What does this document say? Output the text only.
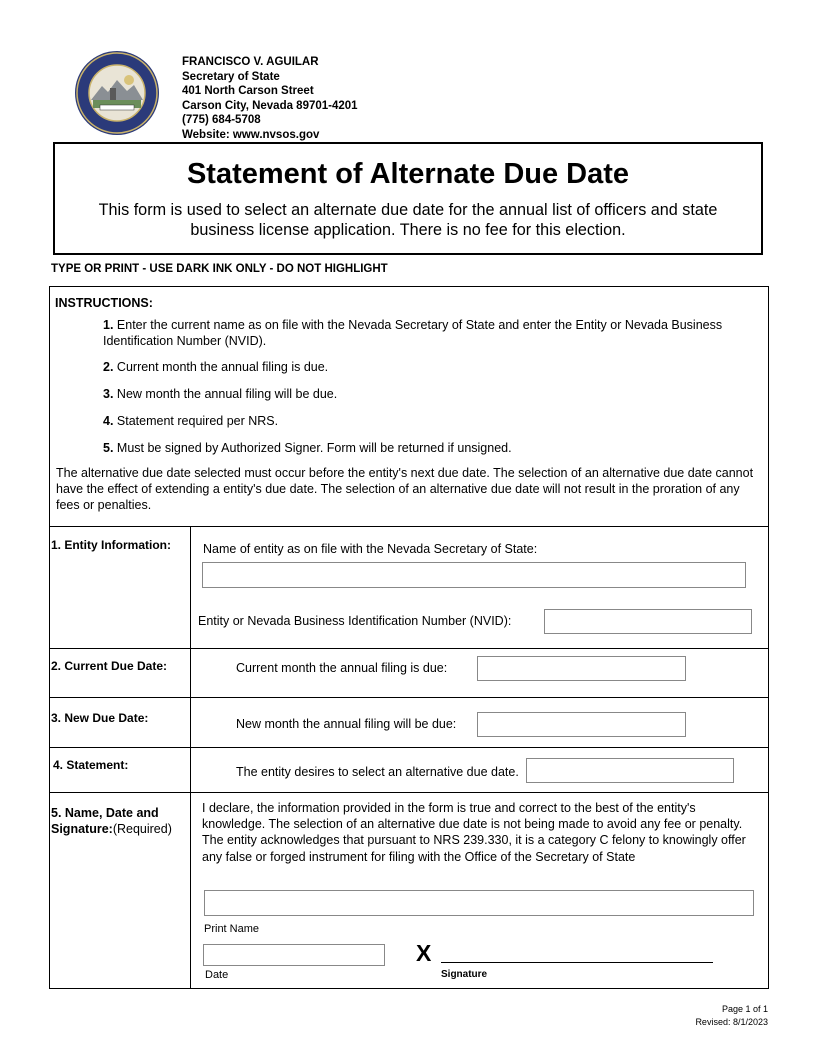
FRANCISCO V. AGUILAR
Secretary of State
401 North Carson Street
Carson City, Nevada 89701-4201
(775) 684-5708
Website: www.nvsos.gov
Statement of Alternate Due Date

This form is used to select an alternate due date for the annual list of officers and state business license application. There is no fee for this election.

TYPE OR PRINT - USE DARK INK ONLY - DO NOT HIGHLIGHT
INSTRUCTIONS:
1. Enter the current name as on file with the Nevada Secretary of State and enter the Entity or Nevada Business Identification Number (NVID).
2. Current month the annual filing is due.
3. New month the annual filing will be due.
4. Statement required per NRS.
5. Must be signed by Authorized Signer. Form will be returned if unsigned.
The alternative due date selected must occur before the entity's next due date. The selection of an alternative due date cannot have the effect of extending a entity's due date. The selection of an alternative due date will not result in the proration of any fees or penalties.
1. Entity Information:	Name of entity as on file with the Nevada Secretary of State:
Entity or Nevada Business Identification Number (NVID):
2. Current Due Date:	Current month the annual filing is due:
3. New Due Date:	New month the annual filing will be due:
4. Statement:	The entity desires to select an alternative due date.
5. Name, Date and Signature:(Required)
I declare, the information provided in the form is true and correct to the best of the entity's knowledge. The selection of an alternative due date is not being made to avoid any fee or penalty. The entity acknowledges that pursuant to NRS 239.330, it is a category C felony to knowingly offer any false or forged instrument for filing with the Office of the Secretary of State
Print Name
Date
X
Signature
Page 1 of 1
Revised: 8/1/2023
